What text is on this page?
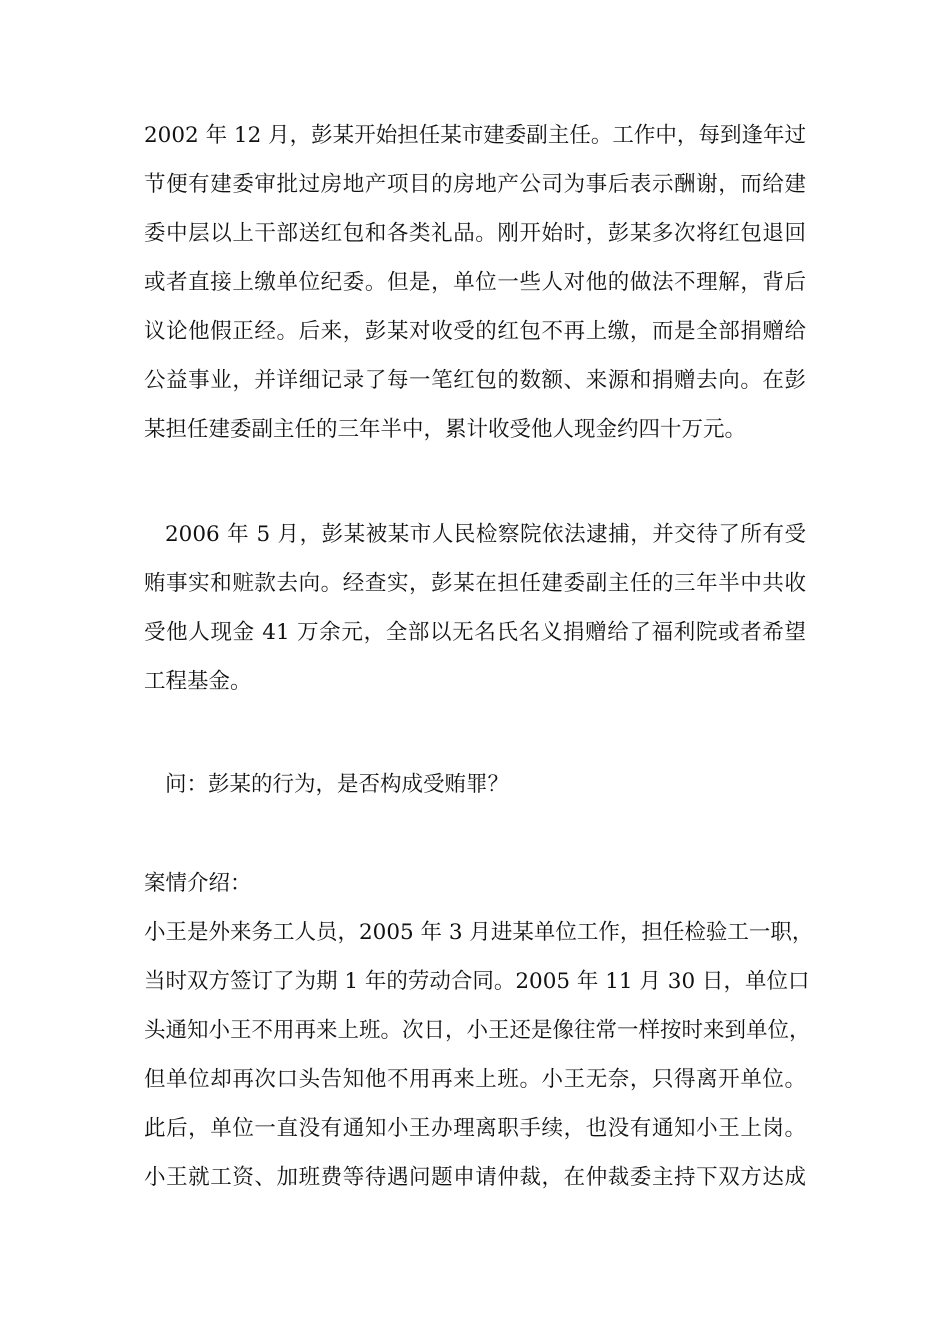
2002 年 12 月，彭某开始担任某市建委副主任。工作中，每到逢年过
节便有建委审批过房地产项目的房地产公司为事后表示酬谢，而给建
委中层以上干部送红包和各类礼品。刚开始时，彭某多次将红包退回
或者直接上缴单位纪委。但是，单位一些人对他的做法不理解，背后
议论他假正经。后来，彭某对收受的红包不再上缴，而是全部捐赠给
公益事业，并详细记录了每一笔红包的数额、来源和捐赠去向。在彭
某担任建委副主任的三年半中，累计收受他人现金约四十万元。
2006 年 5 月，彭某被某市人民检察院依法逮捕，并交待了所有受
贿事实和赃款去向。经查实，彭某在担任建委副主任的三年半中共收
受他人现金 41 万余元，全部以无名氏名义捐赠给了福利院或者希望
工程基金。
问：彭某的行为，是否构成受贿罪？
案情介绍：
小王是外来务工人员，2005 年 3 月进某单位工作，担任检验工一职，
当时双方签订了为期 1 年的劳动合同。2005 年 11 月 30 日，单位口
头通知小王不用再来上班。次日，小王还是像往常一样按时来到单位，
但单位却再次口头告知他不用再来上班。小王无奈，只得离开单位。
此后，单位一直没有通知小王办理离职手续，也没有通知小王上岗。
小王就工资、加班费等待遇问题申请仲裁，在仲裁委主持下双方达成
